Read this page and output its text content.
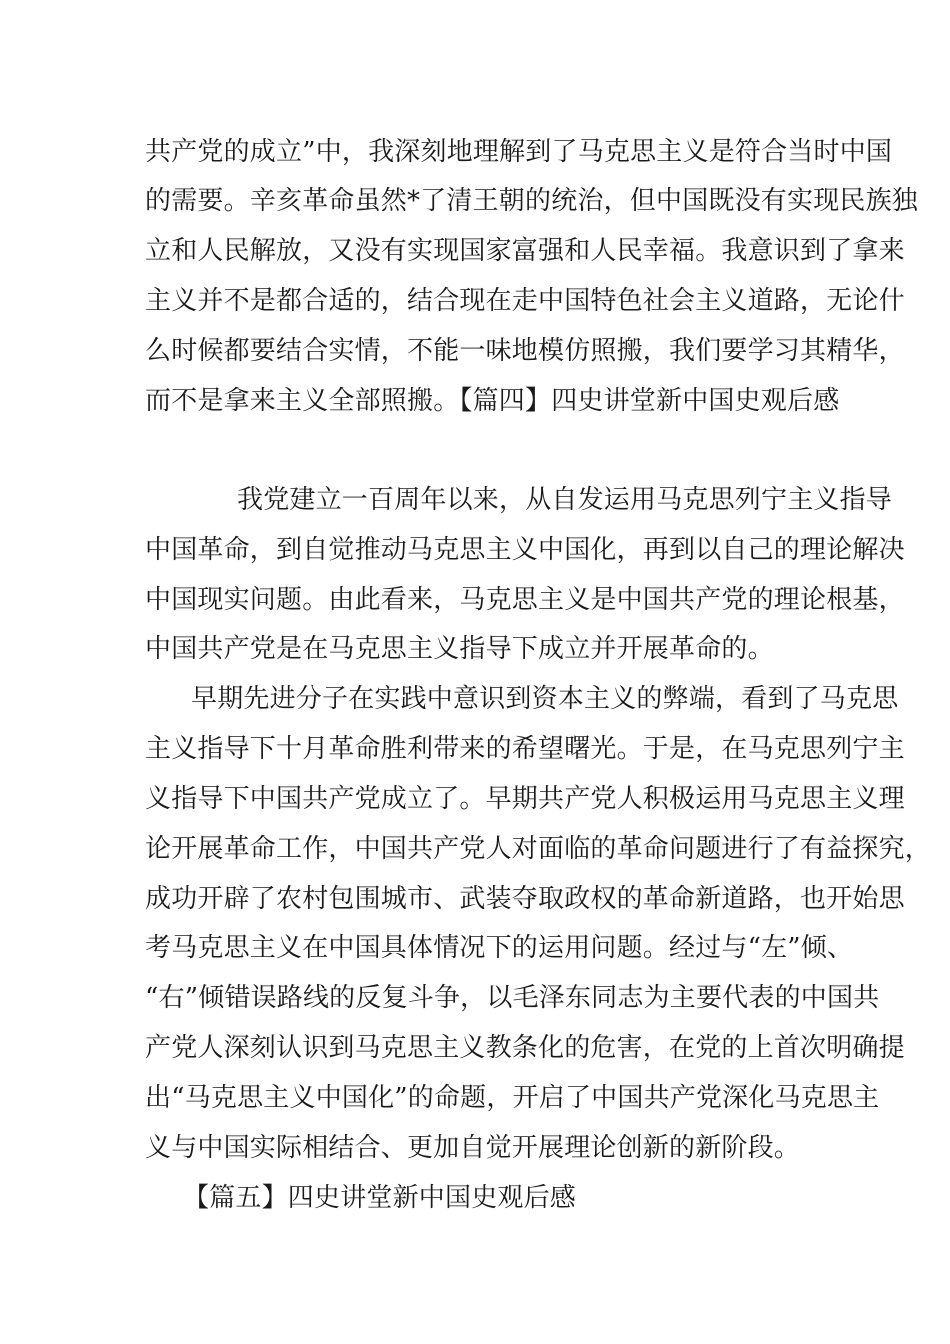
共产党的成立”中，我深刻地理解到了马克思主义是符合当时中国
的需要。辛亥革命虽然*了清王朝的统治，但中国既没有实现民族独
立和人民解放，又没有实现国家富强和人民幸福。我意识到了拿来
主义并不是都合适的，结合现在走中国特色社会主义道路，无论什
么时候都要结合实情，不能一味地模仿照搬，我们要学习其精华，
而不是拿来主义全部照搬。【篇四】四史讲堂新中国史观后感
我党建立一百周年以来，从自发运用马克思列宁主义指导
中国革命，到自觉推动马克思主义中国化，再到以自己的理论解决
中国现实问题。由此看来，马克思主义是中国共产党的理论根基，
中国共产党是在马克思主义指导下成立并开展革命的。
早期先进分子在实践中意识到资本主义的弊端，看到了马克思
主义指导下十月革命胜利带来的希望曙光。于是，在马克思列宁主
义指导下中国共产党成立了。早期共产党人积极运用马克思主义理
论开展革命工作，中国共产党人对面临的革命问题进行了有益探究，
成功开辟了农村包围城市、武装夺取政权的革命新道路，也开始思
考马克思主义在中国具体情况下的运用问题。经过与“左”倾、
“右”倾错误路线的反复斗争，以毛泽东同志为主要代表的中国共
产党人深刻认识到马克思主义教条化的危害，在党的上首次明确提
出“马克思主义中国化”的命题，开启了中国共产党深化马克思主
义与中国实际相结合、更加自觉开展理论创新的新阶段。
【篇五】四史讲堂新中国史观后感
